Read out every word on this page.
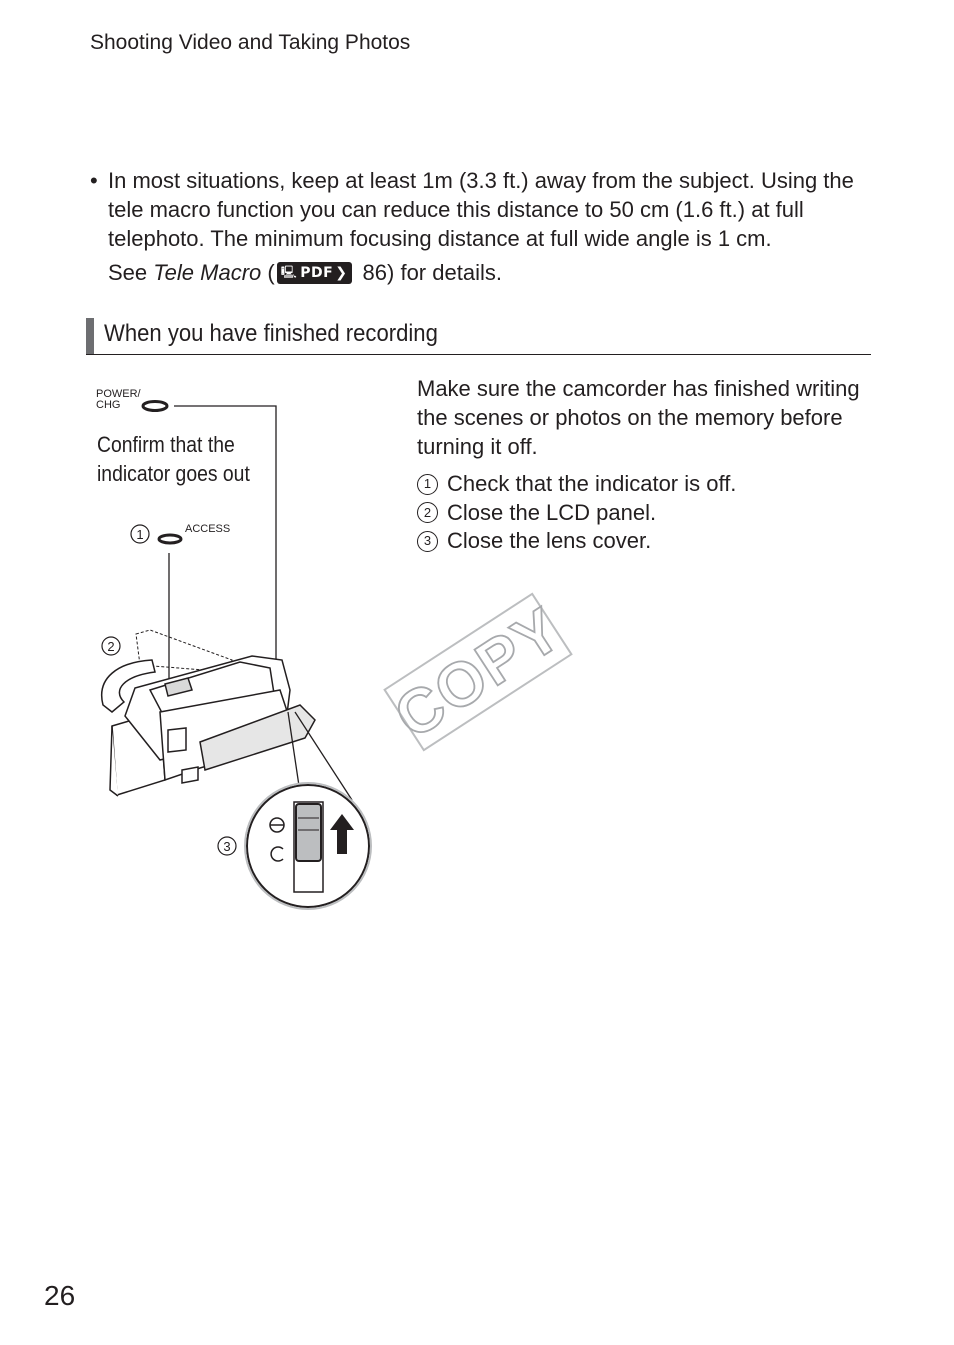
Shooting Video and Taking Photos
• In most situations, keep at least 1m (3.3 ft.) away from the subject. Using the tele macro function you can reduce this distance to 50 cm (1.6 ft.) at full telephoto. The minimum focusing distance at full wide angle is 1 cm.
See Tele Macro ( 🖳 PDF ❯ 86) for details.
When you have finished recording
Make sure the camcorder has finished writing the scenes or photos on the memory before turning it off.
1 Check that the indicator is off.
2 Close the LCD panel.
3 Close the lens cover.
POWER/
CHG
ACCESS
1
2
3
COPY
Confirm that the indicator goes out
26
